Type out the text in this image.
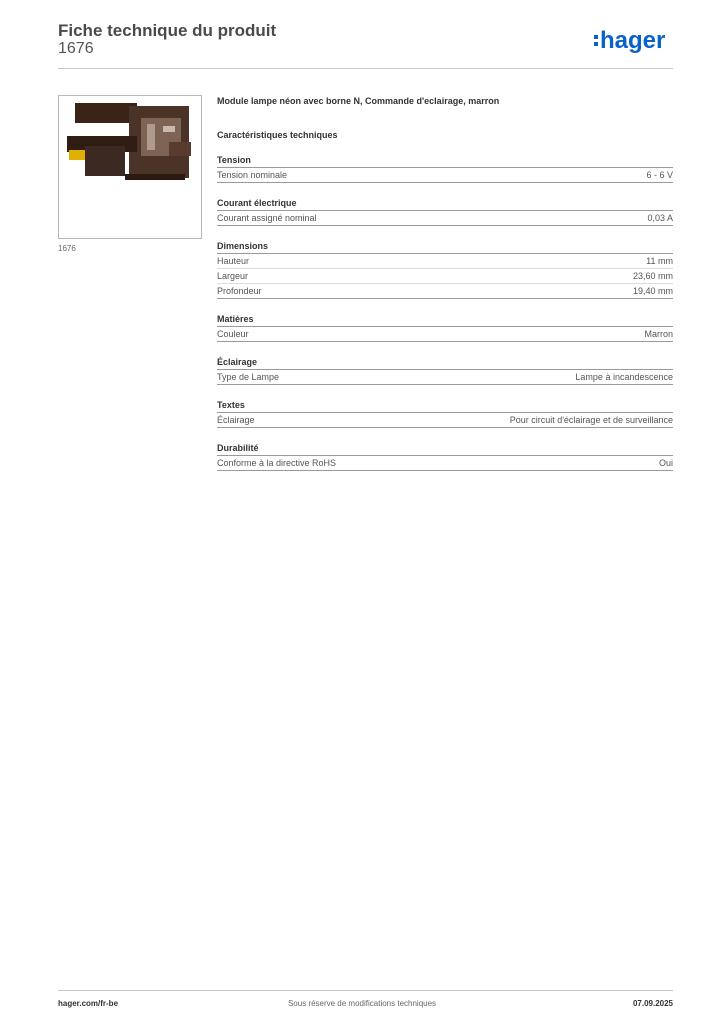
Fiche technique du produit
1676	hager
1676
Module lampe néon avec borne N, Commande d'eclairage, marron
Caractéristiques techniques
Tension
Tension nominale	6 - 6 V
Courant électrique
Courant assigné nominal	0,03 A
Dimensions
Hauteur	11 mm
Largeur	23,60 mm
Profondeur	19,40 mm
Matières
Couleur	Marron
Éclairage
Type de Lampe	Lampe à incandescence
Textes
Éclairage	Pour circuit d'éclairage et de surveillance
Durabilité
Conforme à la directive RoHS	Oui
hager.com/fr-be	Sous réserve de modifications techniques	07.09.2025
